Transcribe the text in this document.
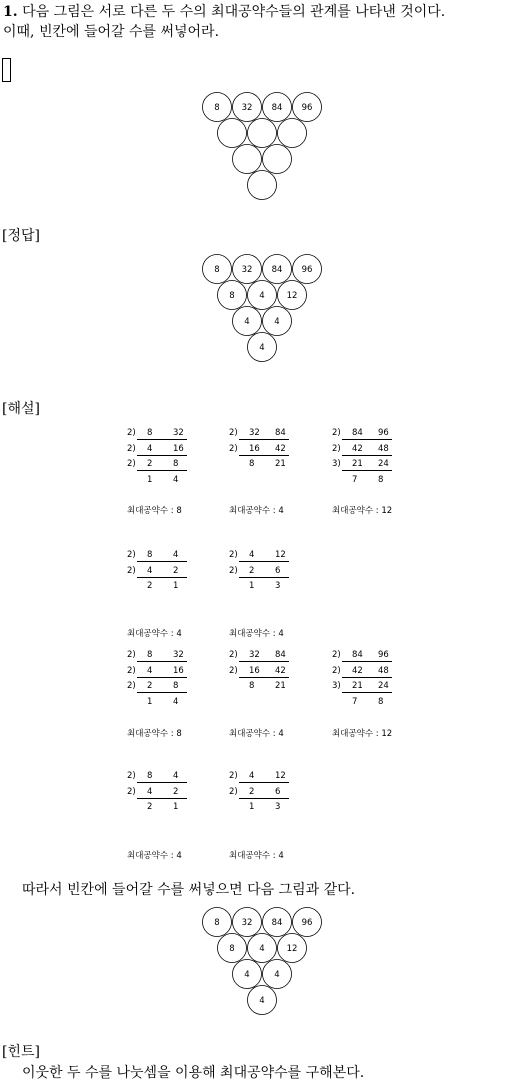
1. 다음 그림은 서로 다른 두 수의 최대공약수들의 관계를 나타낸 것이다.
이때, 빈칸에 들어갈 수를 써넣어라.
8	32 84 96
[정답]
8	32 84 96
8	4	12
4	4
4
[해설]
2) 8 32
2) 4 16
2) 2 8
1 4
최대공약수 : 8
2) 32 84
2) 16 42
8 21
최대공약수 : 4
2) 84 96
2) 42 48
3) 21 24
7 8
최대공약수 : 12
2) 8 4
2) 4 2
2 1
최대공약수 : 4
2) 4 12
2) 2 6
1 3
최대공약수 : 4
2) 8 32
2) 4 16
2) 2 8
1 4
최대공약수 : 8
2) 32 84
2) 16 42
8 21
최대공약수 : 4
2) 84 96
2) 42 48
3) 21 24
7 8
최대공약수 : 12
2) 8 4
2) 4 2
2 1
최대공약수 : 4
2) 4 12
2) 2 6
1 3
최대공약수 : 4
따라서 빈칸에 들어갈 수를 써넣으면 다음 그림과 같다.
8	32 84 96
8	4	12
4	4
4
[힌트]
이웃한 두 수를 나눗셈을 이용해 최대공약수를 구해본다.
